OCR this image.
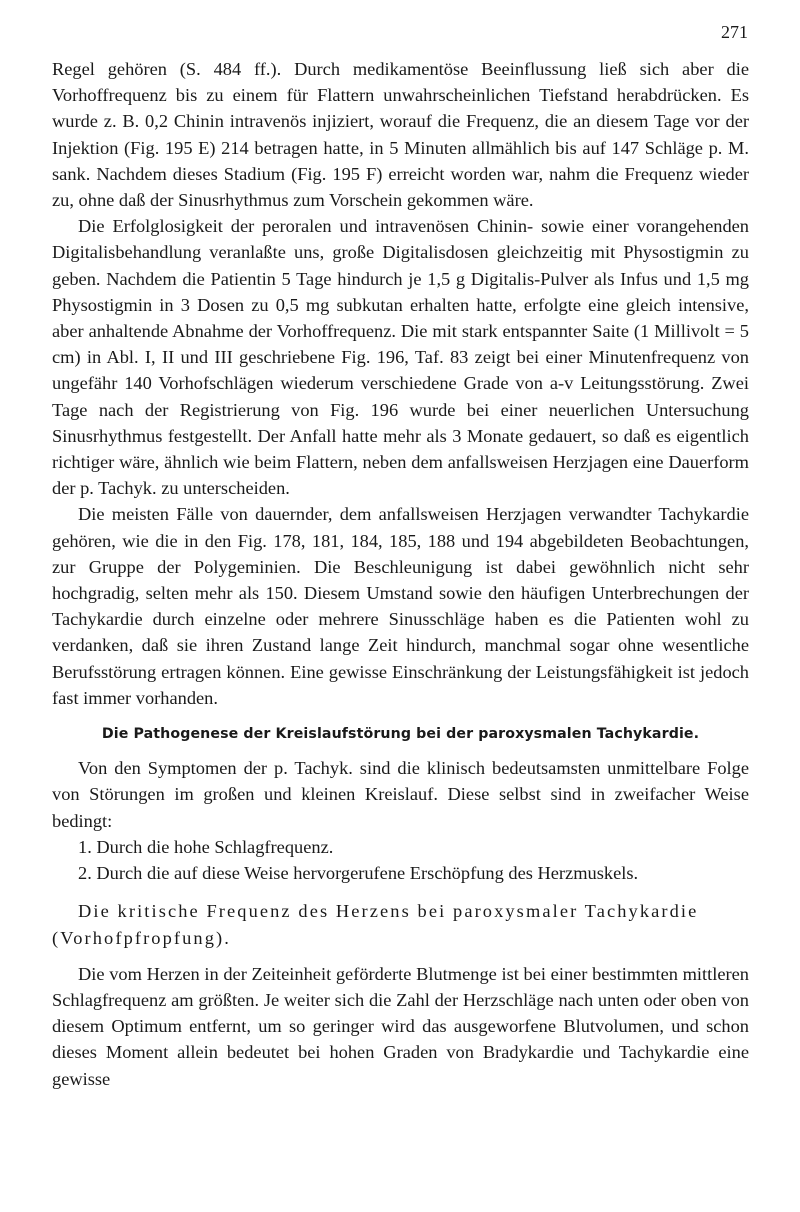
271

Regel gehören (S. 484 ff.). Durch medikamentöse Beeinflussung ließ sich aber die Vorhoffrequenz bis zu einem für Flattern unwahrscheinlichen Tiefstand herabdrücken. Es wurde z. B. 0,2 Chinin intravenös injiziert, worauf die Frequenz, die an diesem Tage vor der Injektion (Fig. 195 E) 214 betragen hatte, in 5 Minuten allmählich bis auf 147 Schläge p. M. sank. Nachdem dieses Stadium (Fig. 195 F) erreicht worden war, nahm die Frequenz wieder zu, ohne daß der Sinusrhythmus zum Vorschein gekommen wäre.

Die Erfolglosigkeit der peroralen und intravenösen Chinin- sowie einer vorangehenden Digitalisbehandlung veranlaßte uns, große Digitalisdosen gleichzeitig mit Physostigmin zu geben. Nachdem die Patientin 5 Tage hindurch je 1,5 g Digitalis-Pulver als Infus und 1,5 mg Physostigmin in 3 Dosen zu 0,5 mg subkutan erhalten hatte, erfolgte eine gleich intensive, aber anhaltende Abnahme der Vorhoffrequenz. Die mit stark entspannter Saite (1 Millivolt = 5 cm) in Abl. I, II und III geschriebene Fig. 196, Taf. 83 zeigt bei einer Minutenfrequenz von ungefähr 140 Vorhofschlägen wiederum verschiedene Grade von a-v Leitungsstörung. Zwei Tage nach der Registrierung von Fig. 196 wurde bei einer neuerlichen Untersuchung Sinusrhythmus festgestellt. Der Anfall hatte mehr als 3 Monate gedauert, so daß es eigentlich richtiger wäre, ähnlich wie beim Flattern, neben dem anfallsweisen Herzjagen eine Dauerform der p. Tachyk. zu unterscheiden.

Die meisten Fälle von dauernder, dem anfallsweisen Herzjagen verwandter Tachykardie gehören, wie die in den Fig. 178, 181, 184, 185, 188 und 194 abgebildeten Beobachtungen, zur Gruppe der Polygeminien. Die Beschleunigung ist dabei gewöhnlich nicht sehr hochgradig, selten mehr als 150. Diesem Umstand sowie den häufigen Unterbrechungen der Tachykardie durch einzelne oder mehrere Sinusschläge haben es die Patienten wohl zu verdanken, daß sie ihren Zustand lange Zeit hindurch, manchmal sogar ohne wesentliche Berufsstörung ertragen können. Eine gewisse Einschränkung der Leistungsfähigkeit ist jedoch fast immer vorhanden.

Die Pathogenese der Kreislaufstörung bei der paroxysmalen Tachykardie.

Von den Symptomen der p. Tachyk. sind die klinisch bedeutsamsten unmittelbare Folge von Störungen im großen und kleinen Kreislauf. Diese selbst sind in zweifacher Weise bedingt:

1. Durch die hohe Schlagfrequenz.

2. Durch die auf diese Weise hervorgerufene Erschöpfung des Herzmuskels.

Die kritische Frequenz des Herzens bei paroxysmaler Tachykardie (Vorhofpfropfung).

Die vom Herzen in der Zeiteinheit geförderte Blutmenge ist bei einer bestimmten mittleren Schlagfrequenz am größten. Je weiter sich die Zahl der Herzschläge nach unten oder oben von diesem Optimum entfernt, um so geringer wird das ausgeworfene Blutvolumen, und schon dieses Moment allein bedeutet bei hohen Graden von Bradykardie und Tachykardie eine gewisse
